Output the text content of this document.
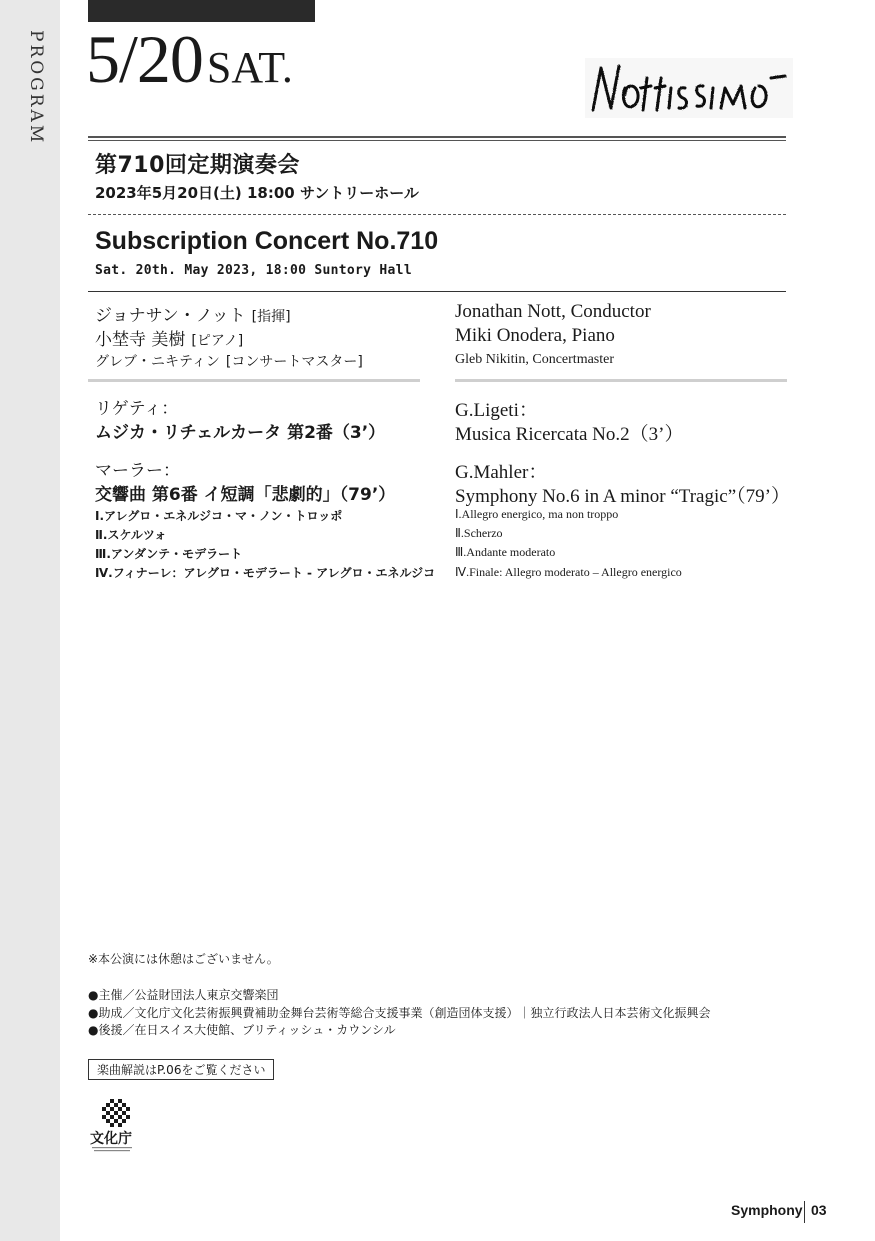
PROGRAM 5/20SAT.
第710回定期演奏会
2023年5月20日(土) 18:00 サントリーホール
Subscription Concert No.710
Sat. 20th. May 2023, 18:00 Suntory Hall
ジョナサン・ノット [指揮]
小埜寺 美樹 [ピアノ]
グレブ・ニキティン [コンサートマスター]
Jonathan Nott, Conductor
Miki Onodera, Piano
Gleb Nikitin, Concertmaster
リゲティ：
ムジカ・リチェルカータ 第2番（3’）
G.Ligeti：
Musica Ricercata No.2（3’）
マーラー：
交響曲 第6番 イ短調「悲劇的」（79’）
G.Mahler：
Symphony No.6 in A minor “Tragic”（79’）
Ⅰ.アレグロ・エネルジコ・マ・ノン・トロッポ
Ⅱ.スケルツォ
Ⅲ.アンダンテ・モデラート
Ⅳ.フィナーレ：アレグロ・モデラート - アレグロ・エネルジコ
Ⅰ.Allegro energico, ma non troppo
Ⅱ.Scherzo
Ⅲ.Andante moderato
Ⅳ.Finale: Allegro moderato – Allegro energico
※本公演には休憩はございません。
●主催／公益財団法人東京交響楽団
●助成／文化庁文化芸術振興費補助金舞台芸術等総合支援事業（創造団体支援）｜独立行政法人日本芸術文化振興会
●後援／在日スイス大使館、ブリティッシュ・カウンシル
楽曲解説はP.06をご覧ください
文化庁
Symphony 03
